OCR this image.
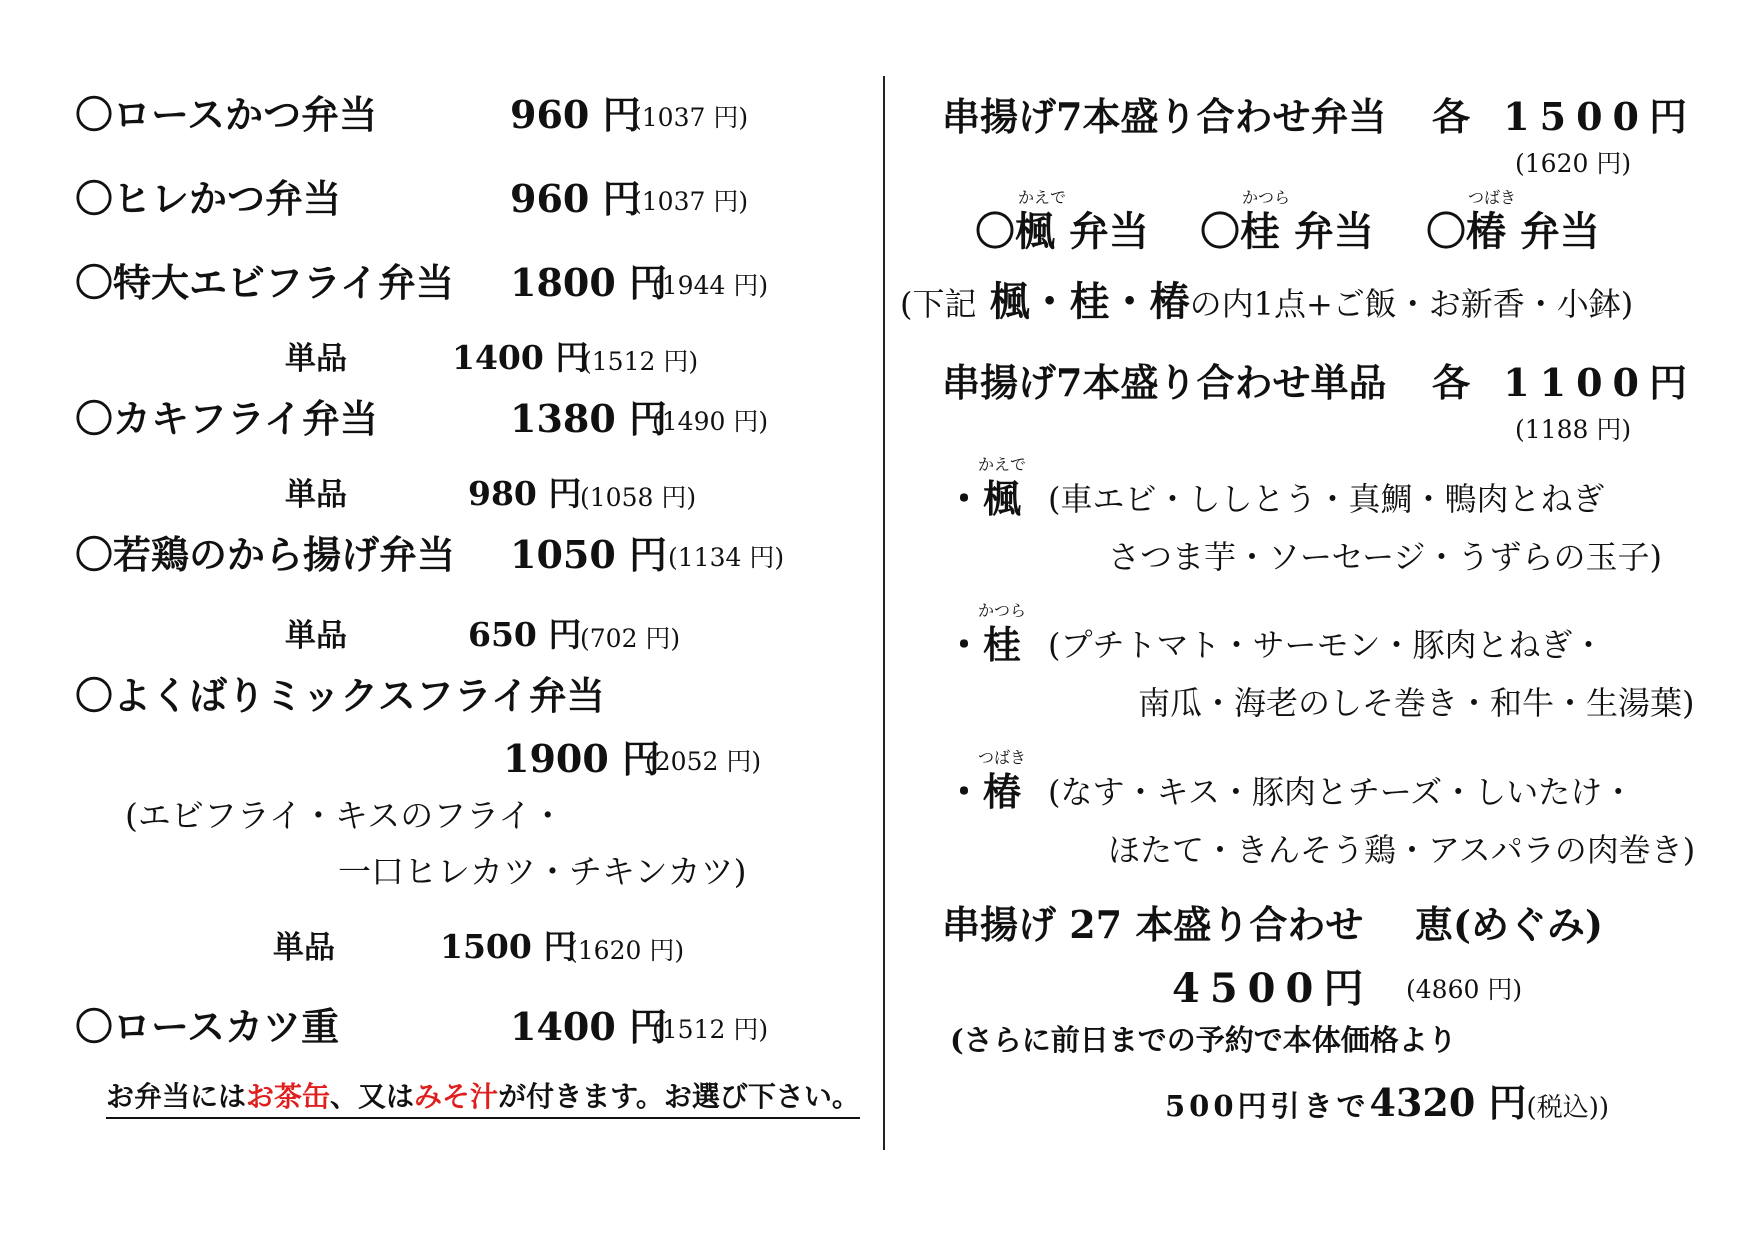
〇ロースかつ弁当	960 円
(1037 円)
〇ヒレかつ弁当	960 円
(1037 円)
〇特大エビフライ弁当 1800 円
(1944 円)
単品	1400 円
(1512 円)
〇カキフライ弁当	1380 円
(1490 円)
単品	980 円
(1058 円)
〇若鶏のから揚げ弁当 1050 円 (1134 円)
単品	650 円
(702 円)
〇よくばりミックスフライ弁当
1900 円
(2052 円)
(エビフライ・キスのフライ・
一口ヒレカツ・チキンカツ)
単品	1500 円
(1620 円)
〇ロースカツ重	1400 円
(1512 円)
お弁当にはお茶缶、又はみそ汁が付きます。お選び下さい。
串揚げ7本盛り合わせ弁当 各 1500円
(1620 円)
かえで
〇楓 弁当
かつら
〇桂 弁当
つばき
〇椿 弁当
(下記 楓・桂・椿の内1点+ご飯・お新香・小鉢)
串揚げ7本盛り合わせ単品 各 1100円
(1188 円)
かえで
・楓 (車エビ・ししとう・真鯛・鴨肉とねぎ
さつま芋・ソーセージ・うずらの玉子)
かつら
・桂 (プチトマト・サーモン・豚肉とねぎ・
南瓜・海老のしそ巻き・和牛・生湯葉)
つばき
・椿 (なす・キス・豚肉とチーズ・しいたけ・
ほたて・きんそう鶏・アスパラの肉巻き)
串揚げ 27 本盛り合わせ 恵(めぐみ)
4500円 (4860 円)
(さらに前日までの予約で本体価格より
500円引きで4320 円(税込))
